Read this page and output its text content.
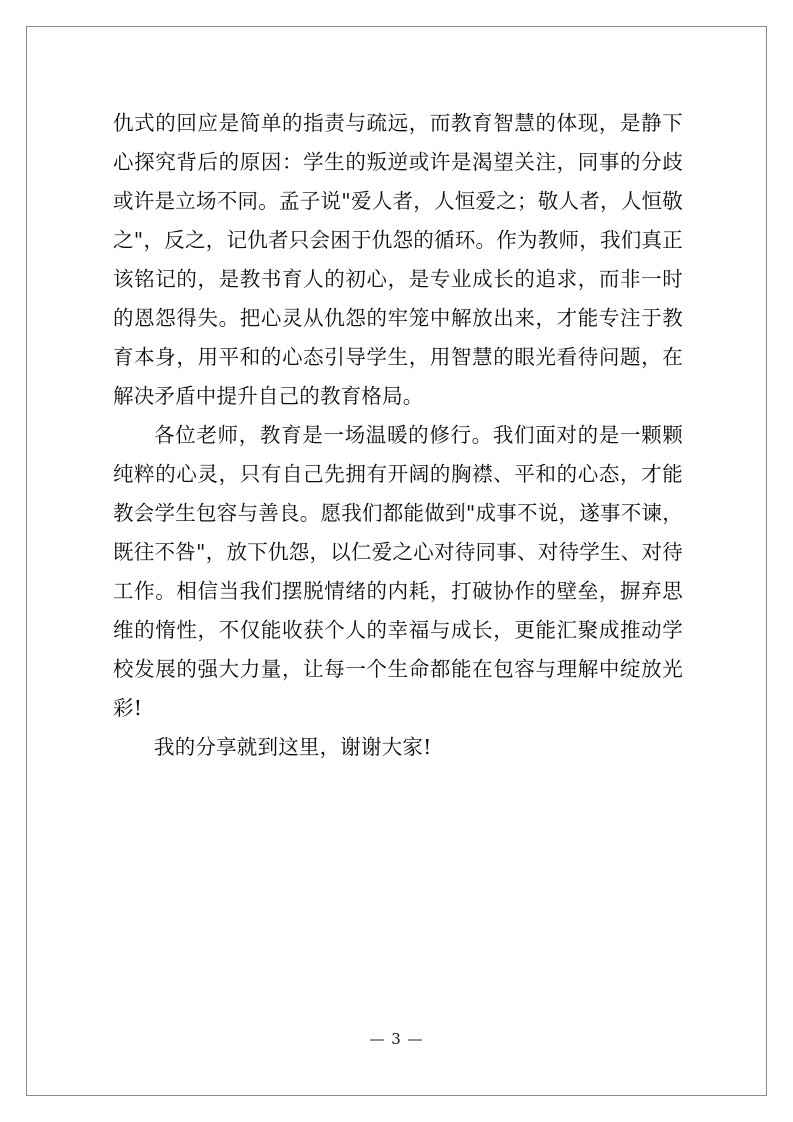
仇式的回应是简单的指责与疏远，而教育智慧的体现，是静下心探究背后的原因：学生的叛逆或许是渴望关注，同事的分歧或许是立场不同。孟子说"爱人者，人恒爱之；敬人者，人恒敬之"，反之，记仇者只会困于仇怨的循环。作为教师，我们真正该铭记的，是教书育人的初心，是专业成长的追求，而非一时的恩怨得失。把心灵从仇怨的牢笼中解放出来，才能专注于教育本身，用平和的心态引导学生，用智慧的眼光看待问题，在解决矛盾中提升自己的教育格局。

各位老师，教育是一场温暖的修行。我们面对的是一颗颗纯粹的心灵，只有自己先拥有开阔的胸襟、平和的心态，才能教会学生包容与善良。愿我们都能做到"成事不说，遂事不谏，既往不咎"，放下仇怨，以仁爱之心对待同事、对待学生、对待工作。相信当我们摆脱情绪的内耗，打破协作的壁垒，摒弃思维的惰性，不仅能收获个人的幸福与成长，更能汇聚成推动学校发展的强大力量，让每一个生命都能在包容与理解中绽放光彩!

我的分享就到这里，谢谢大家!

— 3 —
